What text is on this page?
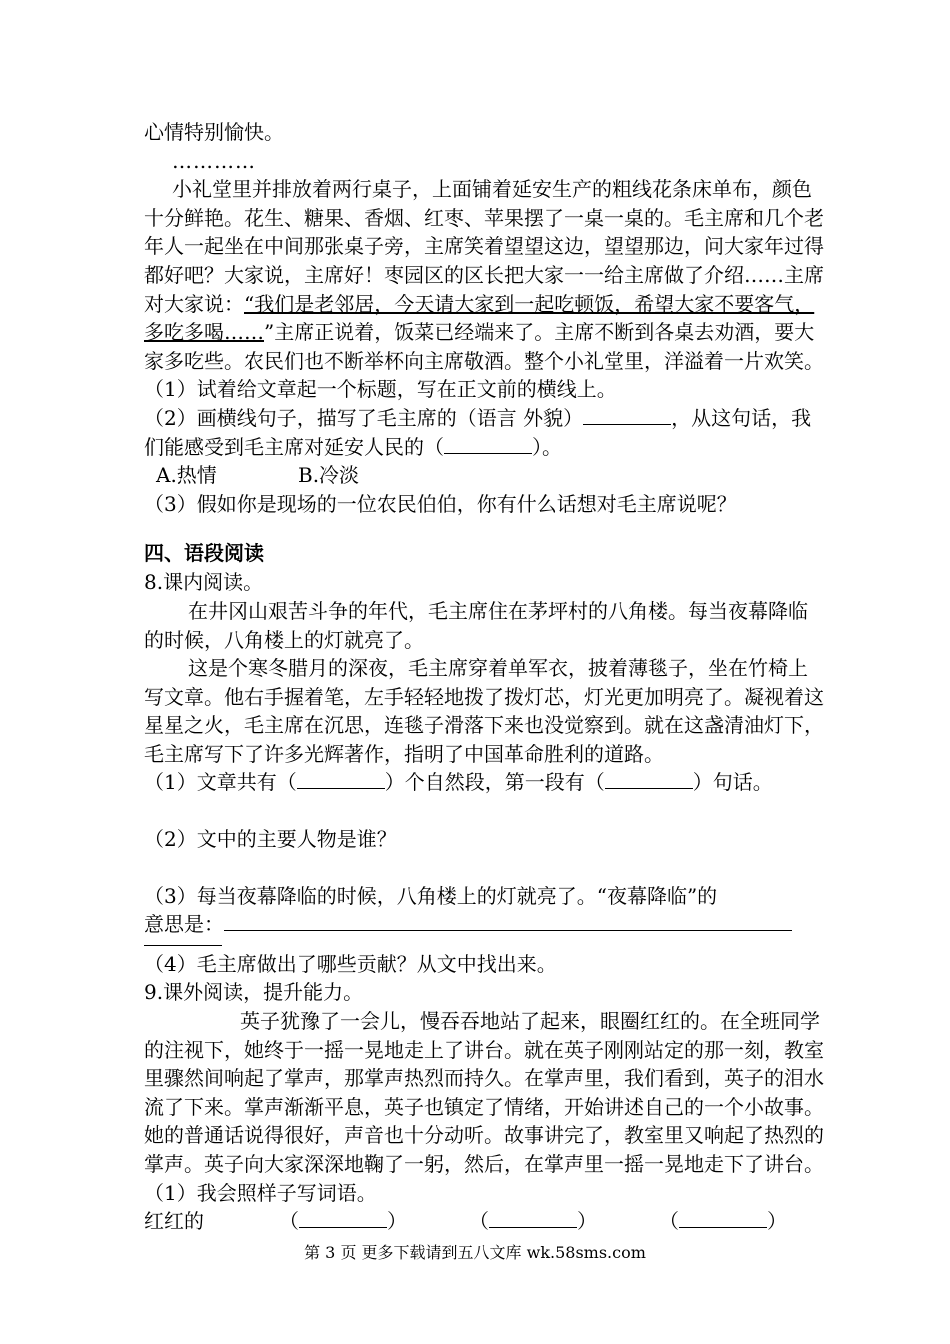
心情特别愉快。

…………

小礼堂里并排放着两行桌子，上面铺着延安生产的粗线花条床单布，颜色十分鲜艳。花生、糖果、香烟、红枣、苹果摆了一桌一桌的。毛主席和几个老年人一起坐在中间那张桌子旁，主席笑着望望这边，望望那边，问大家年过得都好吧？大家说，主席好！枣园区的区长把大家一一给主席做了介绍……主席对大家说：“我们是老邻居，今天请大家到一起吃顿饭，希望大家不要客气，多吃多喝……”主席正说着，饭菜已经端来了。主席不断到各桌去劝酒，要大家多吃些。农民们也不断举杯向主席敬酒。整个小礼堂里，洋溢着一片欢笑。

（1）试着给文章起一个标题，写在正文前的横线上。

（2）画横线句子，描写了毛主席的（语言 外貌）	，从这句话，我们能感受到毛主席对延安人民的（	）。

A.热情	B.冷淡

（3）假如你是现场的一位农民伯伯，你有什么话想对毛主席说呢？

四、语段阅读

8.课内阅读。

在井冈山艰苦斗争的年代，毛主席住在茅坪村的八角楼。每当夜幕降临的时候，八角楼上的灯就亮了。

这是个寒冬腊月的深夜，毛主席穿着单军衣，披着薄毯子，坐在竹椅上写文章。他右手握着笔，左手轻轻地拨了拨灯芯，灯光更加明亮了。凝视着这星星之火，毛主席在沉思，连毯子滑落下来也没觉察到。就在这盏清油灯下，毛主席写下了许多光辉著作，指明了中国革命胜利的道路。

（1）文章共有（	）个自然段，第一段有（	）句话。

（2）文中的主要人物是谁？

（3）每当夜幕降临的时候，八角楼上的灯就亮了。“夜幕降临”的

意思是：

（4）毛主席做出了哪些贡献？从文中找出来。

9.课外阅读，提升能力。

英子犹豫了一会儿，慢吞吞地站了起来，眼圈红红的。在全班同学的注视下，她终于一摇一晃地走上了讲台。就在英子刚刚站定的那一刻，教室里骤然间响起了掌声，那掌声热烈而持久。在掌声里，我们看到，英子的泪水流了下来。掌声渐渐平息，英子也镇定了情绪，开始讲述自己的一个小故事。她的普通话说得很好，声音也十分动听。故事讲完了，教室里又响起了热烈的掌声。英子向大家深深地鞠了一躬，然后，在掌声里一摇一晃地走下了讲台。

（1）我会照样子写词语。

红红的	（	）	（	）	（	）

第 3 页 更多下载请到五八文库 wk.58sms.com
